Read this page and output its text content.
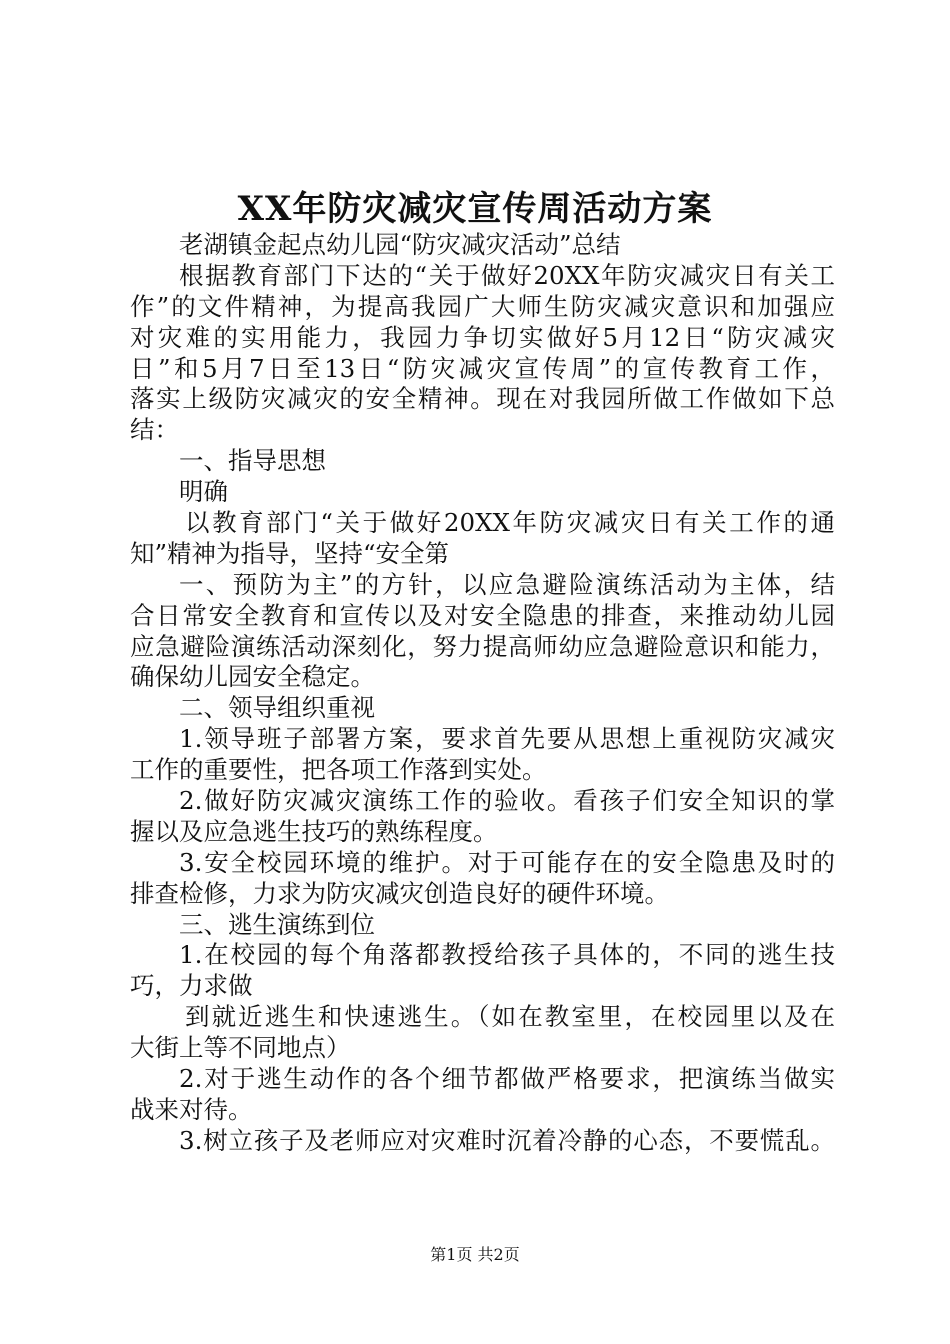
XX年防灾减灾宣传周活动方案
老湖镇金起点幼儿园“防灾减灾活动”总结
根据教育部门下达的“关于做好20XX年防灾减灾日有关工
作”的文件精神，为提高我园广大师生防灾减灾意识和加强应
对灾难的实用能力，我园力争切实做好5月12日“防灾减灾
日”和5月7日至13日“防灾减灾宣传周”的宣传教育工作，
落实上级防灾减灾的安全精神。现在对我园所做工作做如下总
结：
一、指导思想
明确
以教育部门“关于做好20XX年防灾减灾日有关工作的通
知”精神为指导，坚持“安全第
一、预防为主”的方针，以应急避险演练活动为主体，结
合日常安全教育和宣传以及对安全隐患的排查，来推动幼儿园
应急避险演练活动深刻化，努力提高师幼应急避险意识和能力，
确保幼儿园安全稳定。
二、领导组织重视
1.领导班子部署方案，要求首先要从思想上重视防灾减灾
工作的重要性，把各项工作落到实处。
2.做好防灾减灾演练工作的验收。看孩子们安全知识的掌
握以及应急逃生技巧的熟练程度。
3.安全校园环境的维护。对于可能存在的安全隐患及时的
排查检修，力求为防灾减灾创造良好的硬件环境。
三、逃生演练到位
1.在校园的每个角落都教授给孩子具体的，不同的逃生技
巧，力求做
到就近逃生和快速逃生。（如在教室里，在校园里以及在
大街上等不同地点）
2.对于逃生动作的各个细节都做严格要求，把演练当做实
战来对待。
3.树立孩子及老师应对灾难时沉着冷静的心态，不要慌乱。
第1页 共2页
